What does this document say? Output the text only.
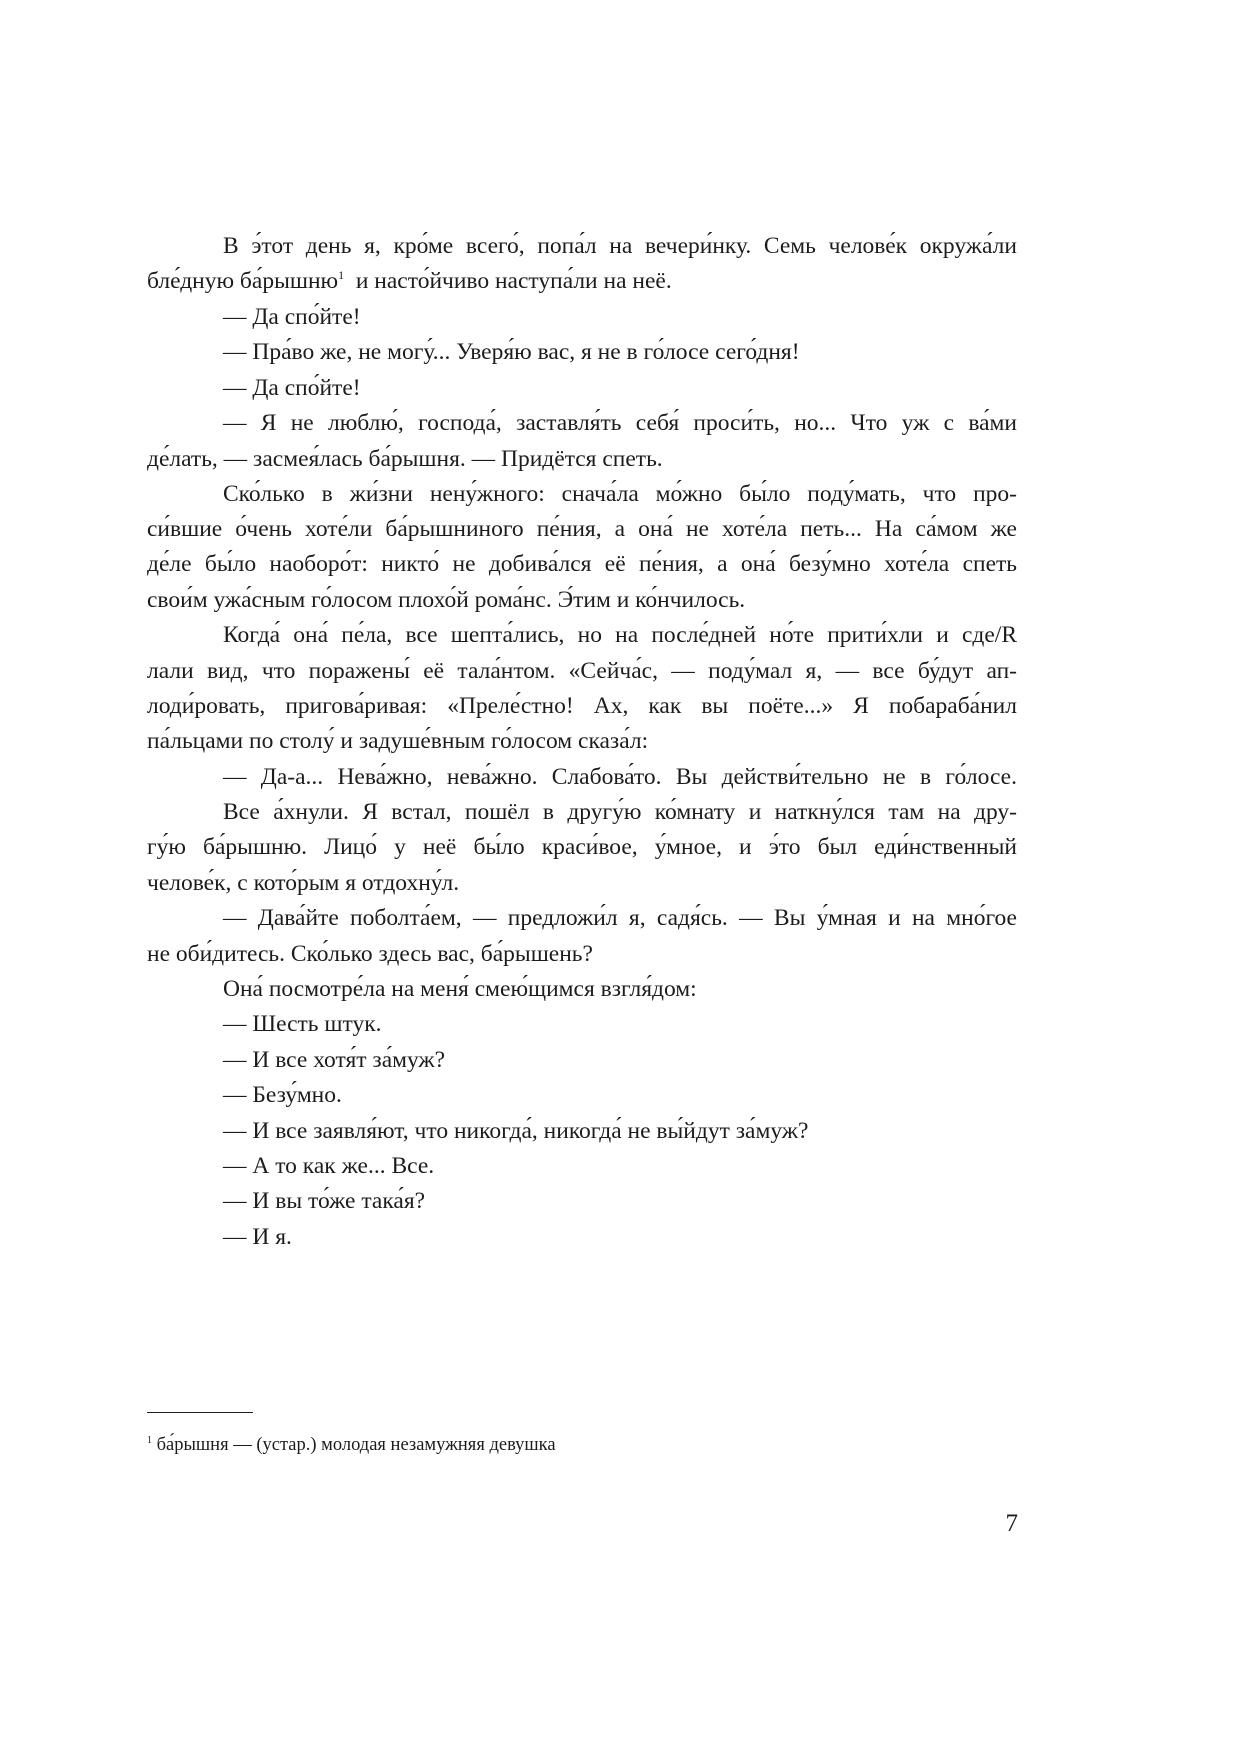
В э́тот день я, кро́ме всего́, попа́л на вечери́нку. Семь челове́к окружа́ли
бле́дную ба́рышню$^1$ и насто́йчиво наступа́ли на неё.
— Да спо́йте!
— Пра́во же, не могу́... Уверя́ю вас, я не в го́лосе сего́дня!
— Да спо́йте!
— Я не люблю́, господа́, заставля́ть себя́ проси́ть, но... Что уж с ва́ми
де́лать, — засмея́лась ба́рышня. — Придётся спеть.
Ско́лько в жи́зни нену́жного: снача́ла мо́жно бы́ло поду́мать, что про-
си́вшие о́чень хоте́ли ба́рышниного пе́ния, а она́ не хоте́ла петь... На са́мом же
де́ле бы́ло наоборо́т: никто́ не добива́лся её пе́ния, а она́ безу́мно хоте́ла спеть
свои́м ужа́сным го́лосом плохо́й рома́нс. Э́тим и ко́нчилось.
Когда́ она́ пе́ла, все шепта́лись, но на после́дней но́те прити́хли и сде/R
лали вид, что поражены́ её тала́нтом. «Сейча́с, — поду́мал я, — все бу́дут ап-
лоди́ровать, пригова́ривая: «Преле́стно! Ах, как вы поёте...» Я побараба́нил
па́льцами по столу́ и задуше́вным го́лосом сказа́л:
— Да-а... Нева́жно, нева́жно. Слабова́то. Вы действи́тельно не в го́лосе.
Все а́хнули. Я встал, пошёл в другу́ю ко́мнату и наткну́лся там на дру-
гу́ю ба́рышню. Лицо́ у неё бы́ло краси́вое, у́мное, и э́то был еди́нственный
челове́к, с кото́рым я отдохну́л.
— Дава́йте поболта́ем, — предложи́л я, садя́сь. — Вы у́мная и на мно́гое
не оби́дитесь. Ско́лько здесь вас, ба́рышень?
Она́ посмотре́ла на меня́ смею́щимся взгля́дом:
— Шесть штук.
— И все хотя́т за́муж?
— Безу́мно.
— И все заявля́ют, что никогда́, никогда́ не вы́йдут за́муж?
— А то как же... Все.
— И вы то́же така́я?
— И я.
$^1$ ба́рышня — (устар.) молодая незамужняя девушка
7
